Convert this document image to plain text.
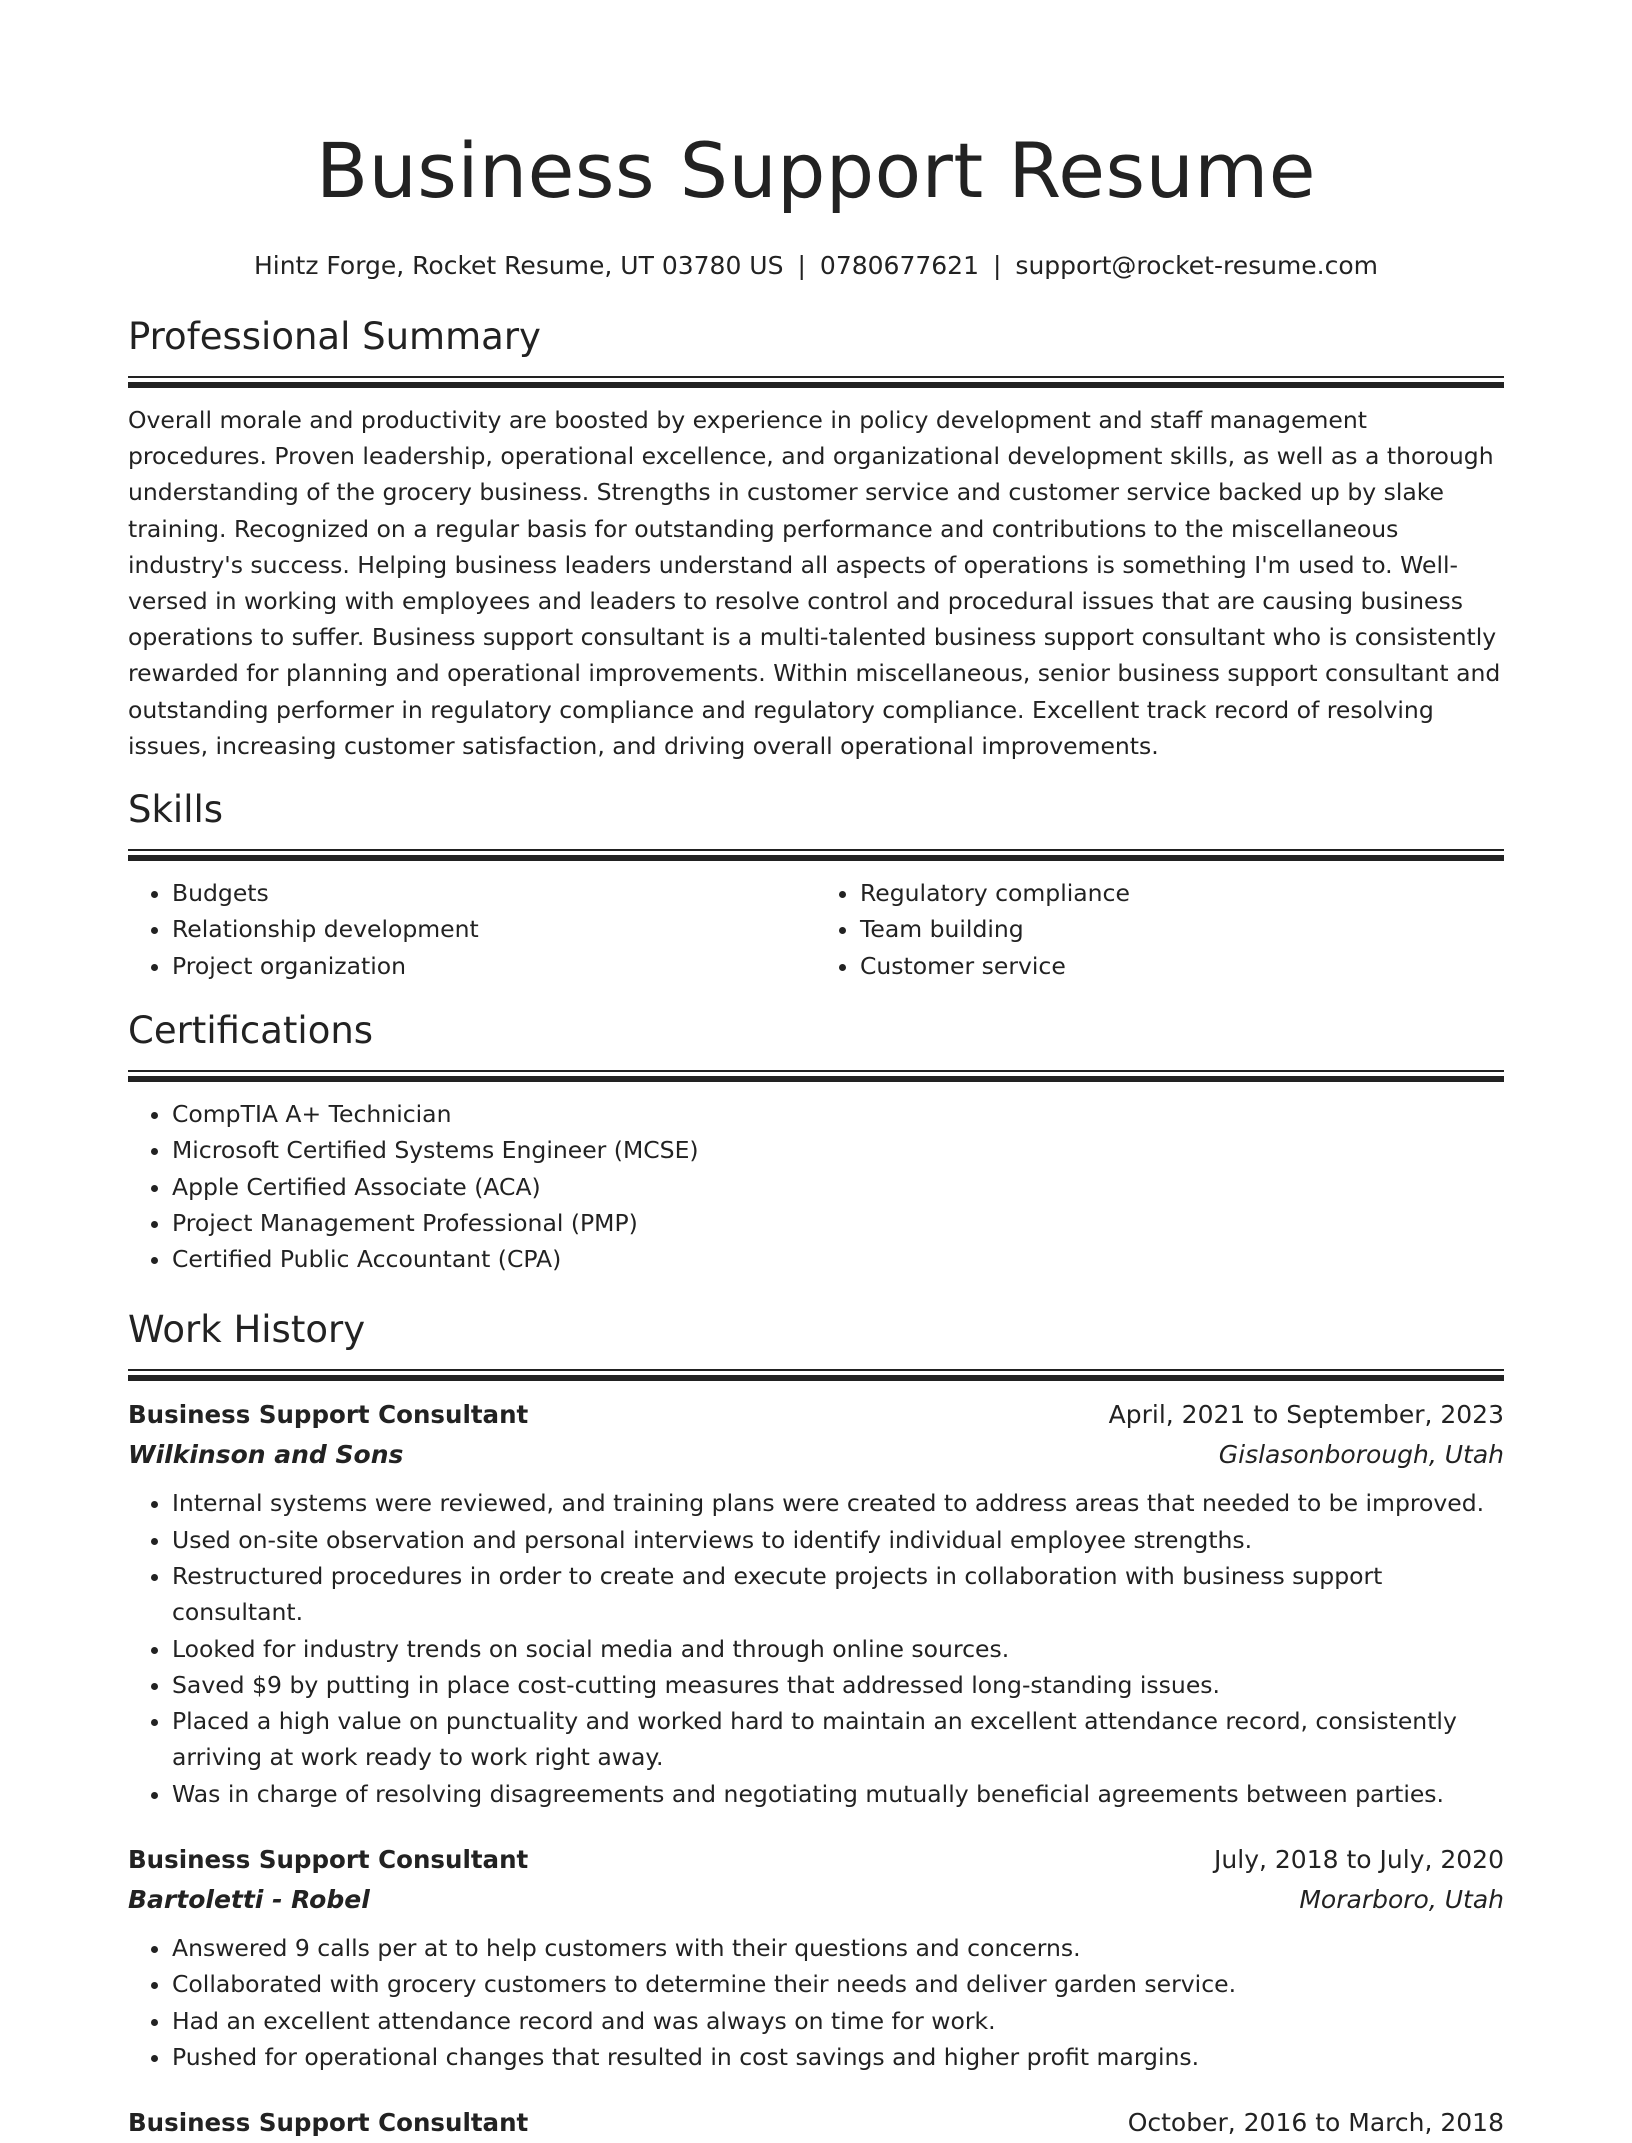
Business Support Resume
Hintz Forge, Rocket Resume, UT 03780 US | 0780677621 | support@rocket-resume.com
Professional Summary
Overall morale and productivity are boosted by experience in policy development and staff management procedures. Proven leadership, operational excellence, and organizational development skills, as well as a thorough understanding of the grocery business. Strengths in customer service and customer service backed up by slake training. Recognized on a regular basis for outstanding performance and contributions to the miscellaneous industry's success. Helping business leaders understand all aspects of operations is something I'm used to. Well-versed in working with employees and leaders to resolve control and procedural issues that are causing business operations to suffer. Business support consultant is a multi-talented business support consultant who is consistently rewarded for planning and operational improvements. Within miscellaneous, senior business support consultant and outstanding performer in regulatory compliance and regulatory compliance. Excellent track record of resolving issues, increasing customer satisfaction, and driving overall operational improvements.
Skills
• Budgets
• Relationship development
• Project organization
• Regulatory compliance
• Team building
• Customer service
Certifications
• CompTIA A+ Technician
• Microsoft Certified Systems Engineer (MCSE)
• Apple Certified Associate (ACA)
• Project Management Professional (PMP)
• Certified Public Accountant (CPA)
Work History
Business Support Consultant	April, 2021 to September, 2023
Wilkinson and Sons	Gislasonborough, Utah
• Internal systems were reviewed, and training plans were created to address areas that needed to be improved.
• Used on-site observation and personal interviews to identify individual employee strengths.
• Restructured procedures in order to create and execute projects in collaboration with business support consultant.
• Looked for industry trends on social media and through online sources.
• Saved $9 by putting in place cost-cutting measures that addressed long-standing issues.
• Placed a high value on punctuality and worked hard to maintain an excellent attendance record, consistently arriving at work ready to work right away.
• Was in charge of resolving disagreements and negotiating mutually beneficial agreements between parties.
Business Support Consultant	July, 2018 to July, 2020
Bartoletti - Robel	Morarboro, Utah
• Answered 9 calls per at to help customers with their questions and concerns.
• Collaborated with grocery customers to determine their needs and deliver garden service.
• Had an excellent attendance record and was always on time for work.
• Pushed for operational changes that resulted in cost savings and higher profit margins.
Business Support Consultant	October, 2016 to March, 2018
